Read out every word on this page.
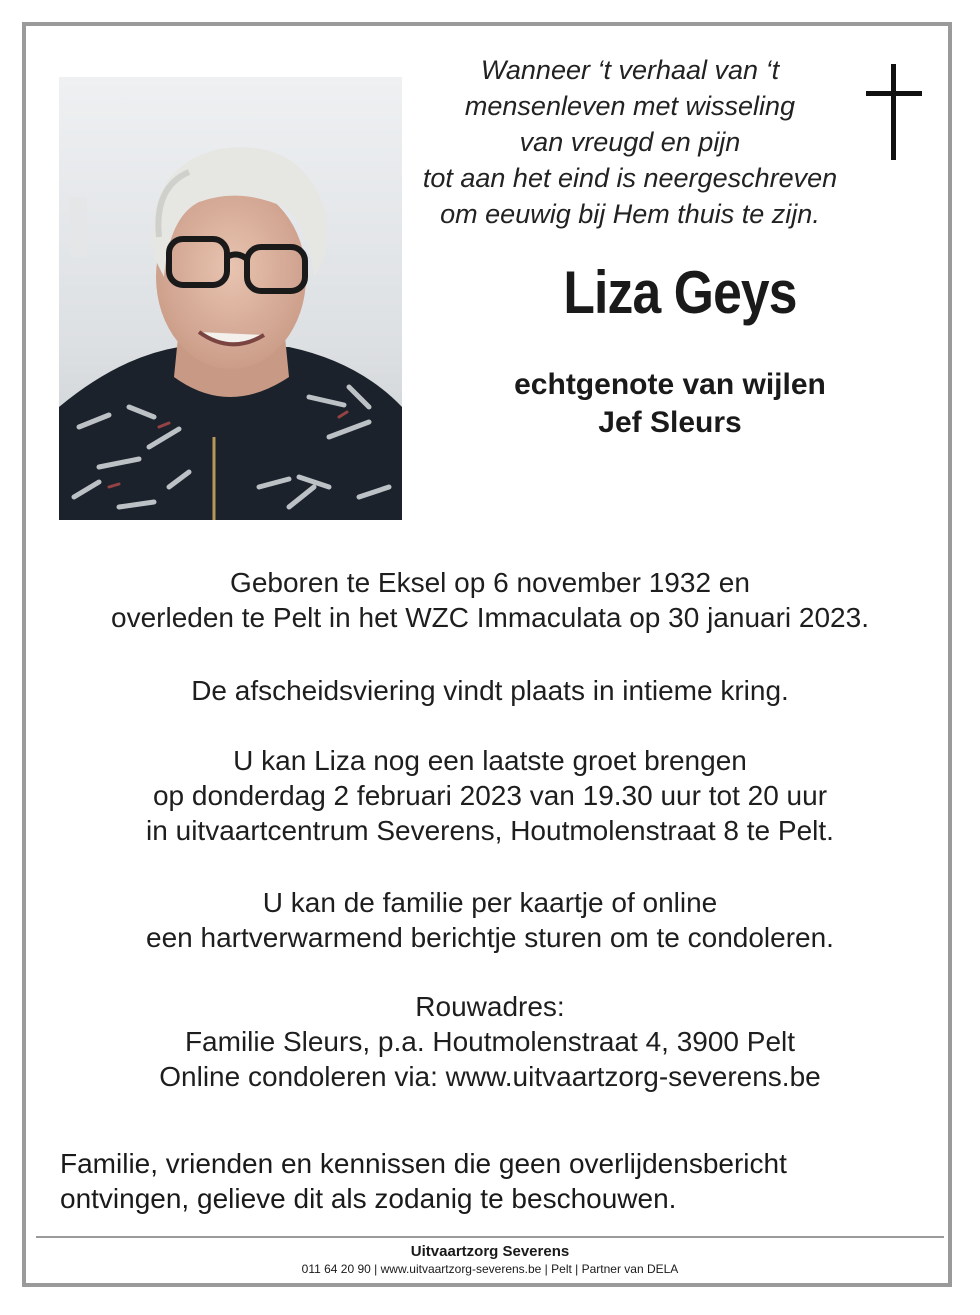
Wanneer ‘t verhaal van ‘t
mensenleven met wisseling
van vreugd en pijn
tot aan het eind is neergeschreven
om eeuwig bij Hem thuis te zijn.
Liza Geys
echtgenote van wijlen
Jef Sleurs
Geboren te Eksel op 6 november 1932 en
overleden te Pelt in het WZC Immaculata op 30 januari 2023.
De afscheidsviering vindt plaats in intieme kring.
U kan Liza nog een laatste groet brengen
op donderdag 2 februari 2023 van 19.30 uur tot 20 uur
in uitvaartcentrum Severens, Houtmolenstraat 8 te Pelt.
U kan de familie per kaartje of online
een hartverwarmend berichtje sturen om te condoleren.
Rouwadres:
Familie Sleurs, p.a. Houtmolenstraat 4, 3900 Pelt
Online condoleren via: www.uitvaartzorg-severens.be
Familie, vrienden en kennissen die geen overlijdensbericht
ontvingen, gelieve dit als zodanig te beschouwen.
Uitvaartzorg Severens
011 64 20 90 | www.uitvaartzorg-severens.be | Pelt | Partner van DELA
